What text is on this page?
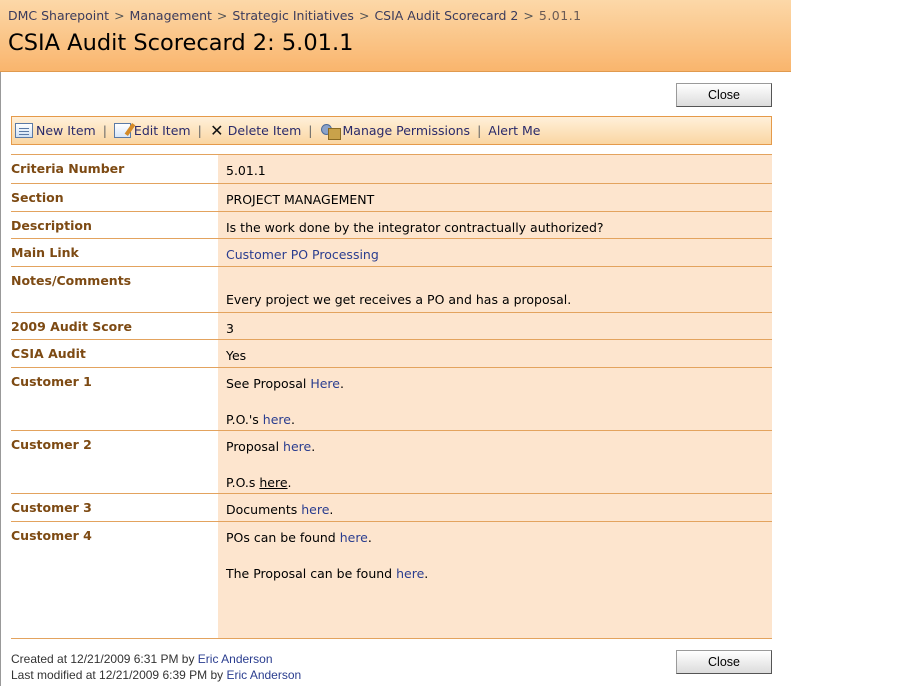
DMC Sharepoint > Management > Strategic Initiatives > CSIA Audit Scorecard 2 > 5.01.1
CSIA Audit Scorecard 2: 5.01.1
Close
New Item |	Edit Item | ✕ Delete Item |	Manage Permissions | Alert Me
Criteria Number	5.01.1
Section	PROJECT MANAGEMENT
Description	Is the work done by the integrator contractually authorized?
Main Link	Customer PO Processing
Notes/Comments
Every project we get receives a PO and has a proposal.
2009 Audit Score	3
CSIA Audit	Yes
Customer 1	See Proposal Here.
P.O.'s here.
Customer 2	Proposal here.
P.O.s here.
Customer 3	Documents here.
Customer 4	POs can be found here.
The Proposal can be found here.
Created at 12/21/2009 6:31 PM by Eric Anderson
Last modified at 12/21/2009 6:39 PM by Eric Anderson
Close
